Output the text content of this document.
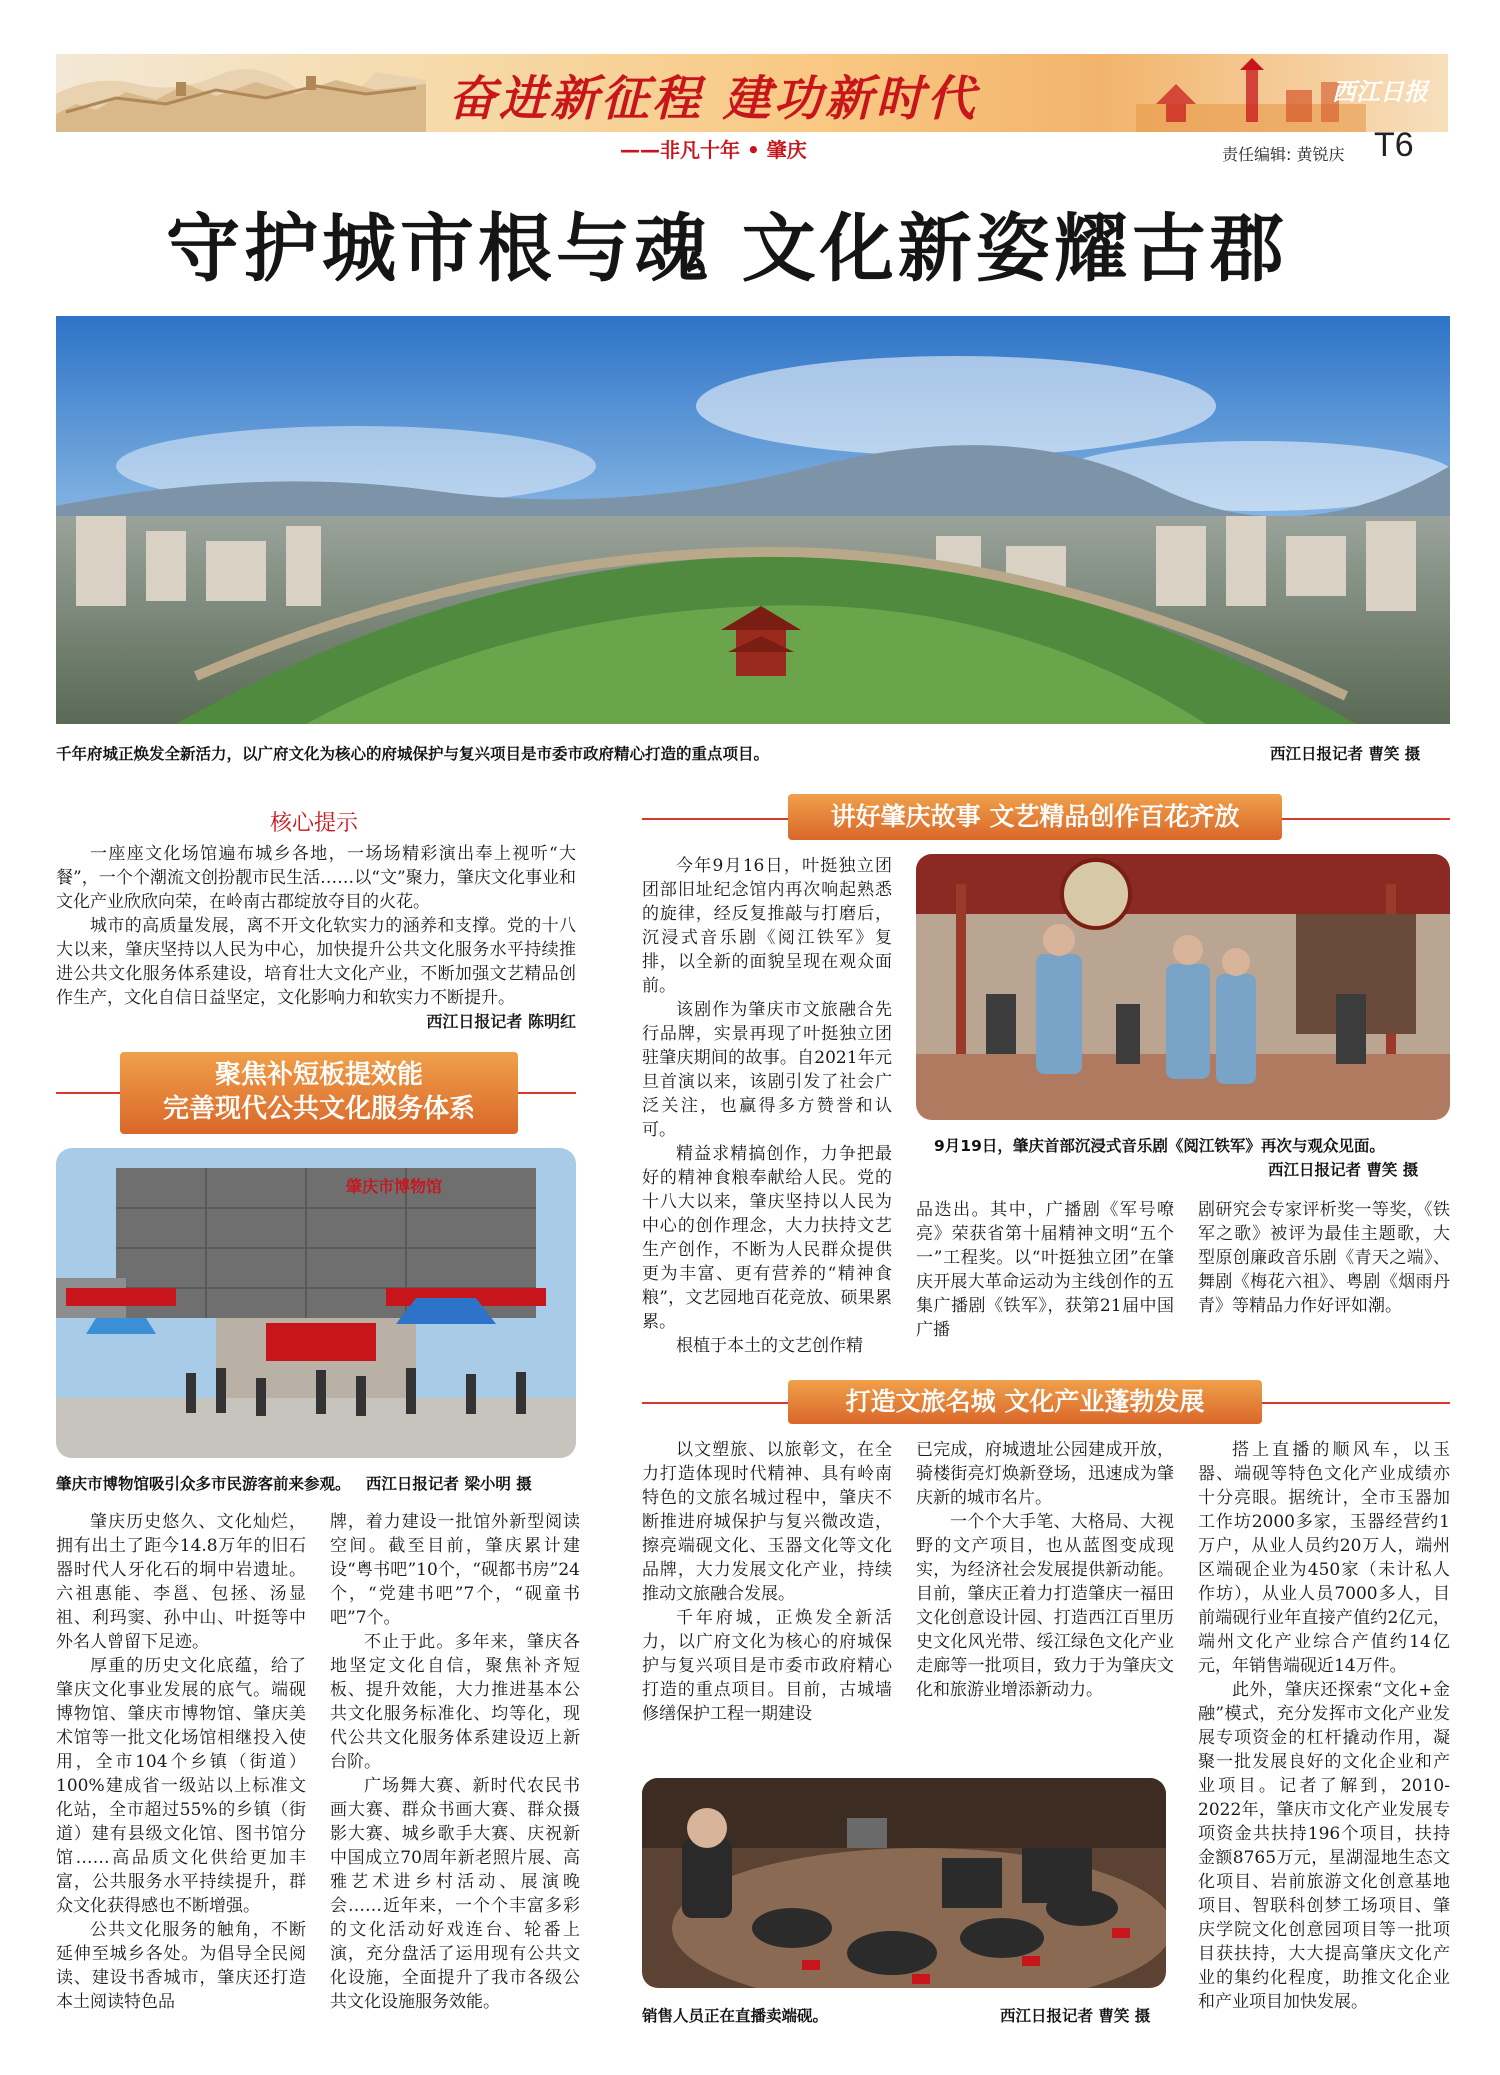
奋进新征程 建功新时代	西江日报
——非凡十年 • 肇庆	责任编辑: 黄锐庆 T6
守护城市根与魂 文化新姿耀古郡
千年府城正焕发全新活力，以广府文化为核心的府城保护与复兴项目是市委市政府精心打造的重点项目。	西江日报记者 曹笑 摄
核心提示

一座座文化场馆遍布城乡各地，一场场精彩演出奉上视听“大餐”，一个个潮流文创扮靓市民生活……以“文”聚力，肇庆文化事业和文化产业欣欣向荣，在岭南古郡绽放夺目的火花。

城市的高质量发展，离不开文化软实力的涵养和支撑。党的十八大以来，肇庆坚持以人民为中心，加快提升公共文化服务水平持续推进公共文化服务体系建设，培育壮大文化产业，不断加强文艺精品创作生产，文化自信日益坚定，文化影响力和软实力不断提升。

西江日报记者 陈明红

聚焦补短板提效能
完善现代公共文化服务体系
肇庆市博物馆
肇庆市博物馆吸引众多市民游客前来参观。 西江日报记者 梁小明 摄

肇庆历史悠久、文化灿烂，拥有出土了距今14.8万年的旧石器时代人牙化石的垌中岩遗址。六祖惠能、李邕、包拯、汤显祖、利玛窦、孙中山、叶挺等中外名人曾留下足迹。

厚重的历史文化底蕴，给了肇庆文化事业发展的底气。端砚博物馆、肇庆市博物馆、肇庆美术馆等一批文化场馆相继投入使用，全市104个乡镇（街道）100%建成省一级站以上标准文化站，全市超过55%的乡镇（街道）建有县级文化馆、图书馆分馆……高品质文化供给更加丰富，公共服务水平持续提升，群众文化获得感也不断增强。

公共文化服务的触角，不断延伸至城乡各处。为倡导全民阅读、建设书香城市，肇庆还打造本土阅读特色品

牌，着力建设一批馆外新型阅读空间。截至目前，肇庆累计建设“粤书吧”10个，“砚都书房”24个，“党建书吧”7个，“砚童书吧”7个。

不止于此。多年来，肇庆各地坚定文化自信，聚焦补齐短板、提升效能，大力推进基本公共文化服务标准化、均等化，现代公共文化服务体系建设迈上新台阶。

广场舞大赛、新时代农民书画大赛、群众书画大赛、群众摄影大赛、城乡歌手大赛、庆祝新中国成立70周年新老照片展、高雅艺术进乡村活动、展演晚会……近年来，一个个丰富多彩的文化活动好戏连台、轮番上演，充分盘活了运用现有公共文化设施，全面提升了我市各级公共文化设施服务效能。

讲好肇庆故事 文艺精品创作百花齐放

今年9月16日，叶挺独立团团部旧址纪念馆内再次响起熟悉的旋律，经反复推敲与打磨后，沉浸式音乐剧《阅江铁军》复排，以全新的面貌呈现在观众面前。

该剧作为肇庆市文旅融合先行品牌，实景再现了叶挺独立团驻肇庆期间的故事。自2021年元旦首演以来，该剧引发了社会广泛关注，也赢得多方赞誉和认可。

精益求精搞创作，力争把最好的精神食粮奉献给人民。党的十八大以来，肇庆坚持以人民为中心的创作理念，大力扶持文艺生产创作，不断为人民群众提供更为丰富、更有营养的“精神食粮”，文艺园地百花竞放、硕果累累。

根植于本土的文艺创作精

9月19日，肇庆首部沉浸式音乐剧《阅江铁军》再次与观众见面。
西江日报记者 曹笑 摄

品迭出。其中，广播剧《军号嘹亮》荣获省第十届精神文明“五个一”工程奖。以“叶挺独立团”在肇庆开展大革命运动为主线创作的五集广播剧《铁军》，获第21届中国广播

剧研究会专家评析奖一等奖，《铁军之歌》被评为最佳主题歌，大型原创廉政音乐剧《青天之端》、舞剧《梅花六祖》、粤剧《烟雨丹青》等精品力作好评如潮。

打造文旅名城 文化产业蓬勃发展

以文塑旅、以旅彰文，在全力打造体现时代精神、具有岭南特色的文旅名城过程中，肇庆不断推进府城保护与复兴微改造，擦亮端砚文化、玉器文化等文化品牌，大力发展文化产业，持续推动文旅融合发展。

千年府城，正焕发全新活力，以广府文化为核心的府城保护与复兴项目是市委市政府精心打造的重点项目。目前，古城墙修缮保护工程一期建设

已完成，府城遗址公园建成开放，骑楼街亮灯焕新登场，迅速成为肇庆新的城市名片。

一个个大手笔、大格局、大视野的文产项目，也从蓝图变成现实，为经济社会发展提供新动能。目前，肇庆正着力打造肇庆一福田文化创意设计园、打造西江百里历史文化风光带、绥江绿色文化产业走廊等一批项目，致力于为肇庆文化和旅游业增添新动力。

销售人员正在直播卖端砚。	西江日报记者 曹笑 摄

搭上直播的顺风车，以玉器、端砚等特色文化产业成绩亦十分亮眼。据统计，全市玉器加工作坊2000多家，玉器经营约1万户，从业人员约20万人，端州区端砚企业为450家（未计私人作坊），从业人员7000多人，目前端砚行业年直接产值约2亿元，端州文化产业综合产值约14亿元，年销售端砚近14万件。

此外，肇庆还探索“文化+金融”模式，充分发挥市文化产业发展专项资金的杠杆撬动作用，凝聚一批发展良好的文化企业和产业项目。记者了解到，2010-2022年，肇庆市文化产业发展专项资金共扶持196个项目，扶持金额8765万元，星湖湿地生态文化项目、岩前旅游文化创意基地项目、智联科创梦工场项目、肇庆学院文化创意园项目等一批项目获扶持，大大提高肇庆文化产业的集约化程度，助推文化企业和产业项目加快发展。
